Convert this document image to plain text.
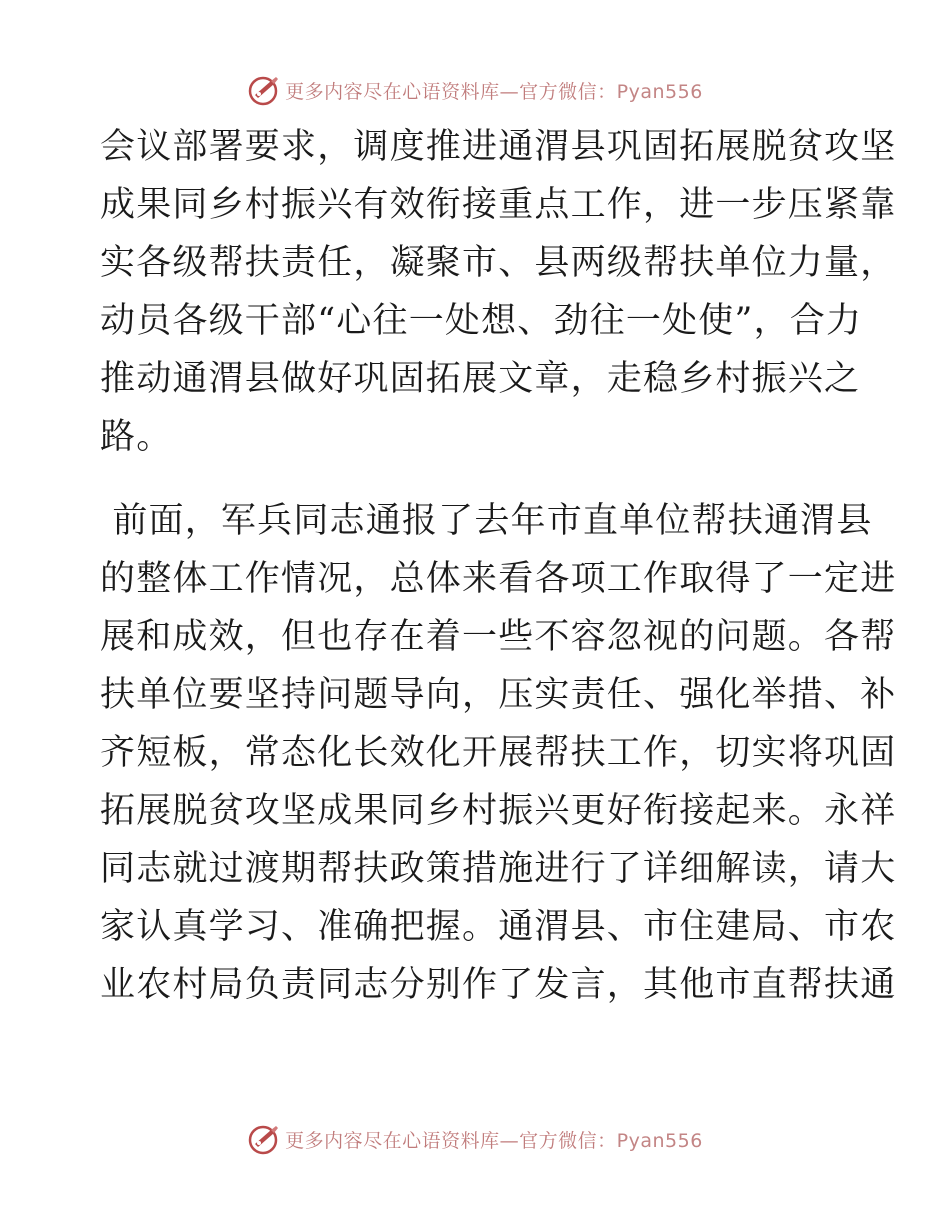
更多内容尽在心语资料库—官方微信：Pyan556
会议部署要求，调度推进通渭县巩固拓展脱贫攻坚
成果同乡村振兴有效衔接重点工作，进一步压紧靠
实各级帮扶责任，凝聚市、县两级帮扶单位力量，
动员各级干部“心往一处想、劲往一处使”，合力
推动通渭县做好巩固拓展文章，走稳乡村振兴之
路。
前面，军兵同志通报了去年市直单位帮扶通渭县
的整体工作情况，总体来看各项工作取得了一定进
展和成效，但也存在着一些不容忽视的问题。各帮
扶单位要坚持问题导向，压实责任、强化举措、补
齐短板，常态化长效化开展帮扶工作，切实将巩固
拓展脱贫攻坚成果同乡村振兴更好衔接起来。永祥
同志就过渡期帮扶政策措施进行了详细解读，请大
家认真学习、准确把握。通渭县、市住建局、市农
业农村局负责同志分别作了发言，其他市直帮扶通
更多内容尽在心语资料库—官方微信：Pyan556
